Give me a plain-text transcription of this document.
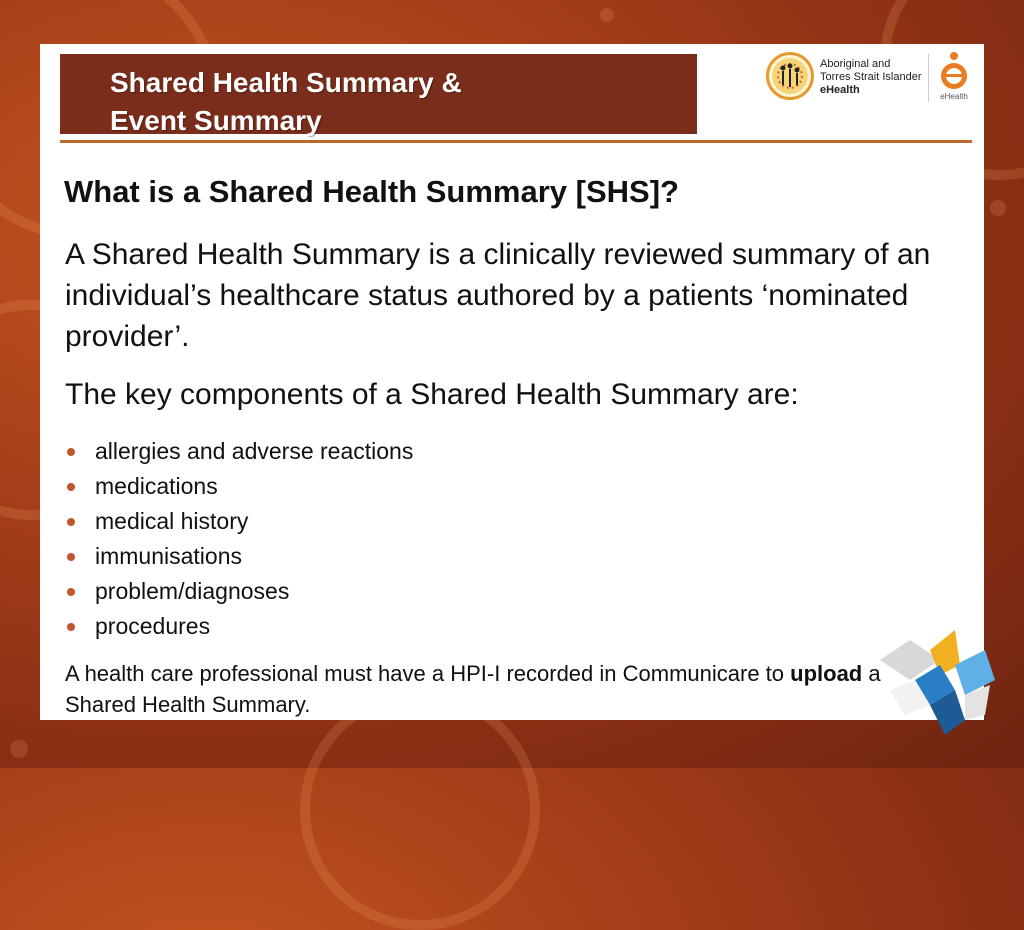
Shared Health Summary &
Event Summary
Aboriginal and
Torres Strait Islander
eHealth
eHealth
What is a Shared Health Summary [SHS]?

A Shared Health Summary is a clinically reviewed summary of an individual’s healthcare status authored by a patients ‘nominated provider’.

The key components of a Shared Health Summary are:

allergies and adverse reactions
medications
medical history
immunisations
problem/diagnoses
procedures

A health care professional must have a HPI-I recorded in Communicare to upload a Shared Health Summary.
